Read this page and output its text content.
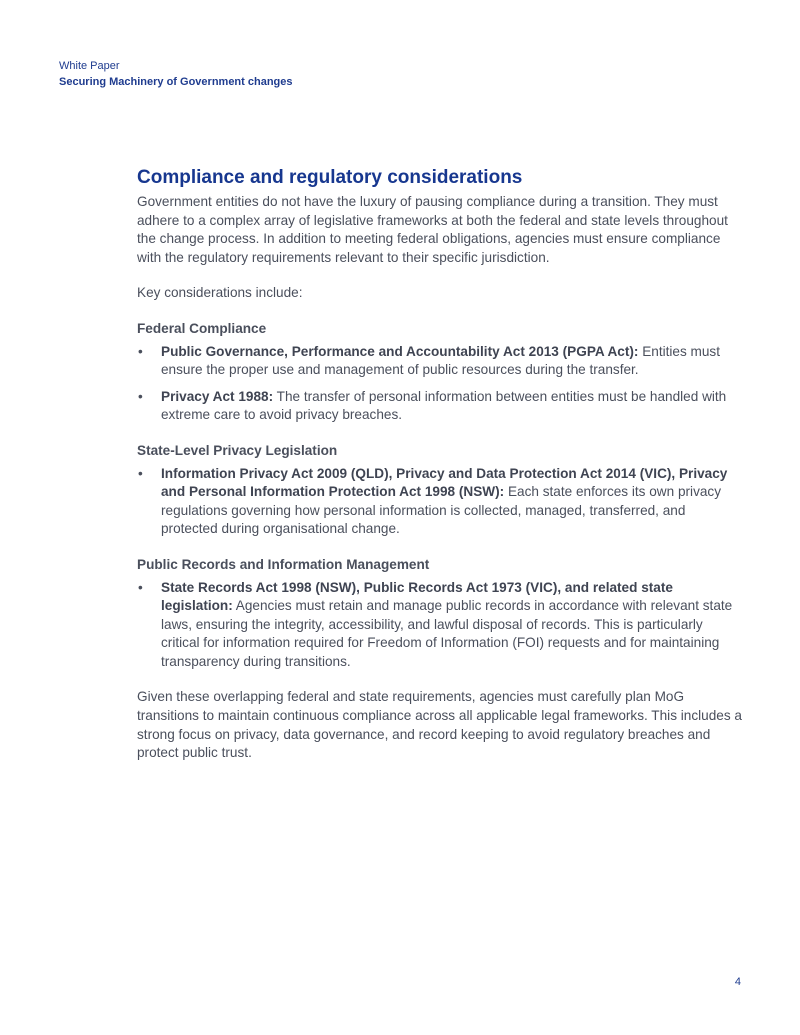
White Paper
Securing Machinery of Government changes
Compliance and regulatory considerations

Government entities do not have the luxury of pausing compliance during a transition. They must adhere to a complex array of legislative frameworks at both the federal and state levels throughout the change process. In addition to meeting federal obligations, agencies must ensure compliance with the regulatory requirements relevant to their specific jurisdiction.

Key considerations include:

Federal Compliance
• Public Governance, Performance and Accountability Act 2013 (PGPA Act): Entities must ensure the proper use and management of public resources during the transfer.
• Privacy Act 1988: The transfer of personal information between entities must be handled with extreme care to avoid privacy breaches.
State-Level Privacy Legislation
• Information Privacy Act 2009 (QLD), Privacy and Data Protection Act 2014 (VIC), Privacy and Personal Information Protection Act 1998 (NSW): Each state enforces its own privacy regulations governing how personal information is collected, managed, transferred, and protected during organisational change.
Public Records and Information Management
• State Records Act 1998 (NSW), Public Records Act 1973 (VIC), and related state legislation: Agencies must retain and manage public records in accordance with relevant state laws, ensuring the integrity, accessibility, and lawful disposal of records. This is particularly critical for information required for Freedom of Information (FOI) requests and for maintaining transparency during transitions.

Given these overlapping federal and state requirements, agencies must carefully plan MoG transitions to maintain continuous compliance across all applicable legal frameworks. This includes a strong focus on privacy, data governance, and record keeping to avoid regulatory breaches and protect public trust.

4
